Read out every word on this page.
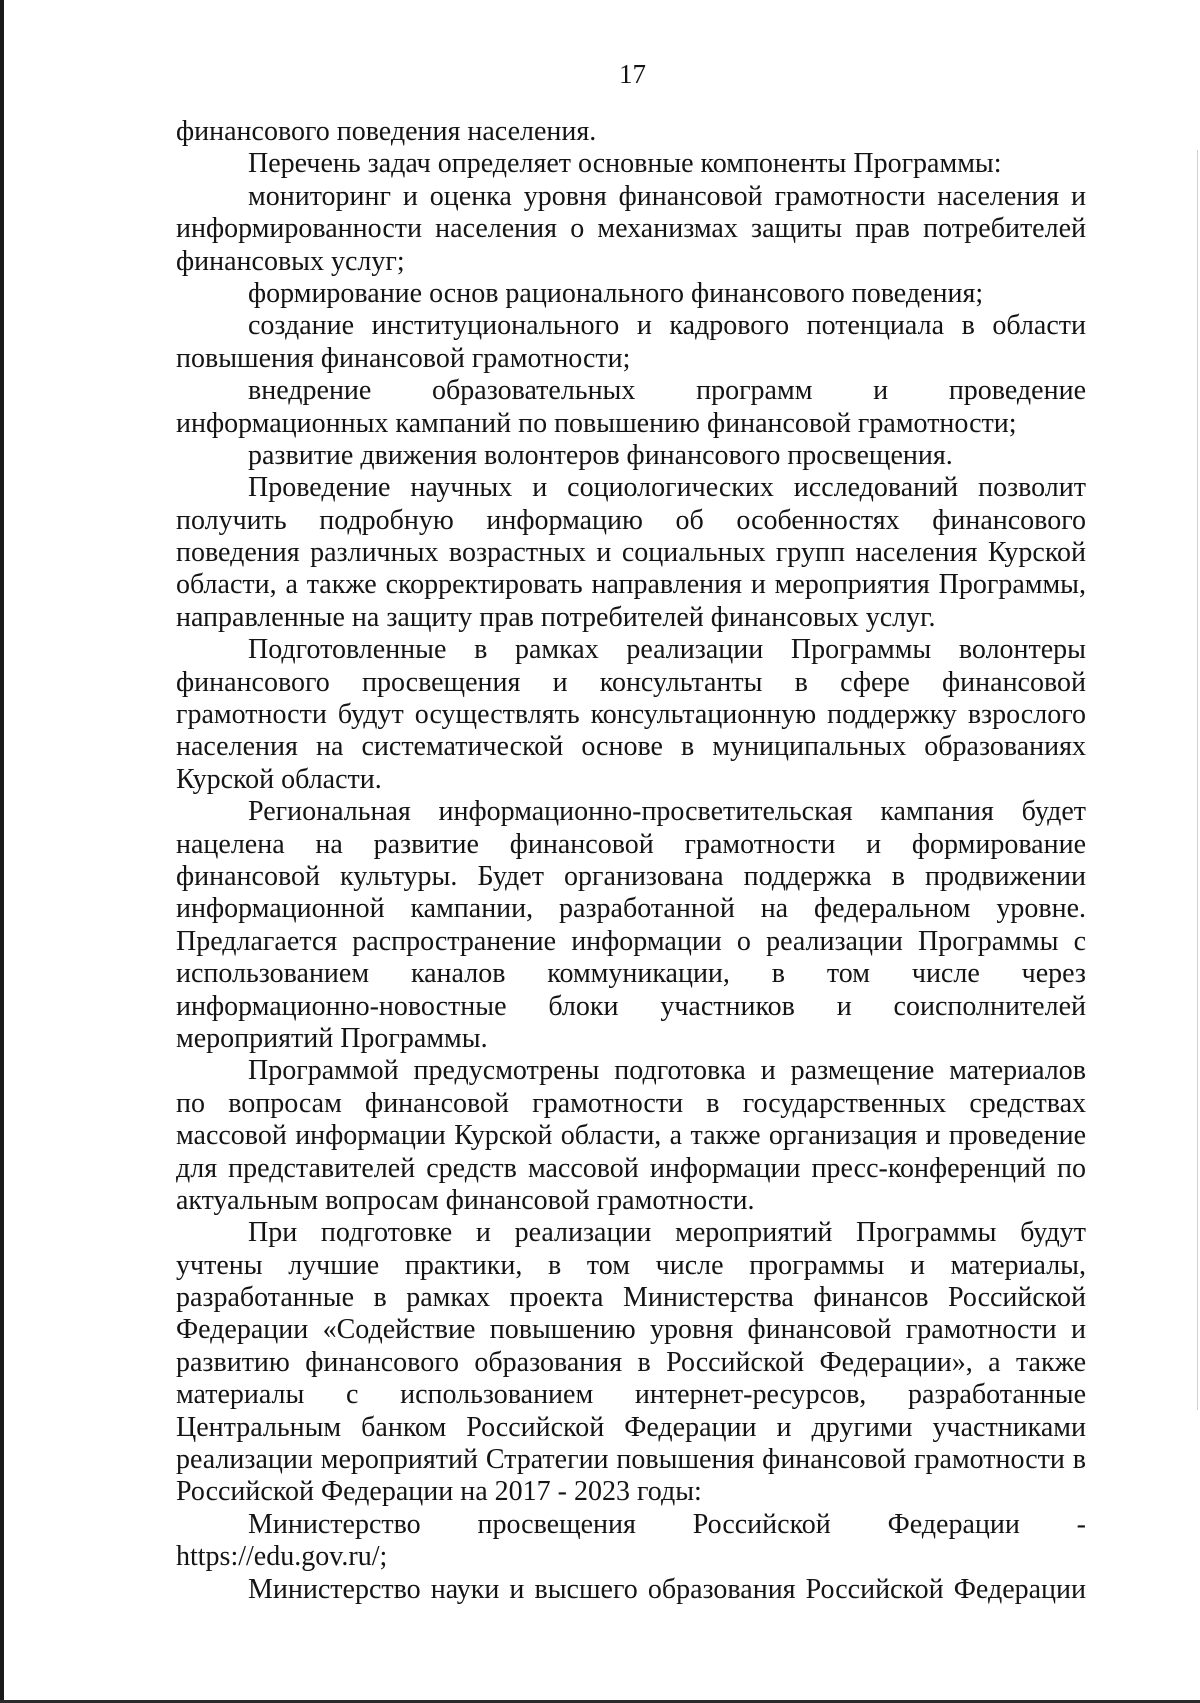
17
финансового поведения населения.
Перечень задач определяет основные компоненты Программы:
мониторинг и оценка уровня финансовой грамотности населения и
информированности населения о механизмах защиты прав потребителей
финансовых услуг;
формирование основ рационального финансового поведения;
создание институционального и кадрового потенциала в области
повышения финансовой грамотности;
внедрение образовательных программ и проведение
информационных кампаний по повышению финансовой грамотности;
развитие движения волонтеров финансового просвещения.
Проведение научных и социологических исследований позволит
получить подробную информацию об особенностях финансового
поведения различных возрастных и социальных групп населения Курской
области, а также скорректировать направления и мероприятия Программы,
направленные на защиту прав потребителей финансовых услуг.
Подготовленные в рамках реализации Программы волонтеры
финансового просвещения и консультанты в сфере финансовой
грамотности будут осуществлять консультационную поддержку взрослого
населения на систематической основе в муниципальных образованиях
Курской области.
Региональная информационно-просветительская кампания будет
нацелена на развитие финансовой грамотности и формирование
финансовой культуры. Будет организована поддержка в продвижении
информационной кампании, разработанной на федеральном уровне.
Предлагается распространение информации о реализации Программы с
использованием каналов коммуникации, в том числе через
информационно-новостные блоки участников и соисполнителей
мероприятий Программы.
Программой предусмотрены подготовка и размещение материалов
по вопросам финансовой грамотности в государственных средствах
массовой информации Курской области, а также организация и проведение
для представителей средств массовой информации пресс-конференций по
актуальным вопросам финансовой грамотности.
При подготовке и реализации мероприятий Программы будут
учтены лучшие практики, в том числе программы и материалы,
разработанные в рамках проекта Министерства финансов Российской
Федерации «Содействие повышению уровня финансовой грамотности и
развитию финансового образования в Российской Федерации», а также
материалы с использованием интернет-ресурсов, разработанные
Центральным банком Российской Федерации и другими участниками
реализации мероприятий Стратегии повышения финансовой грамотности в
Российской Федерации на 2017 - 2023 годы:
Министерство просвещения Российской Федерации -
https://edu.gov.ru/;
Министерство науки и высшего образования Российской Федерации
